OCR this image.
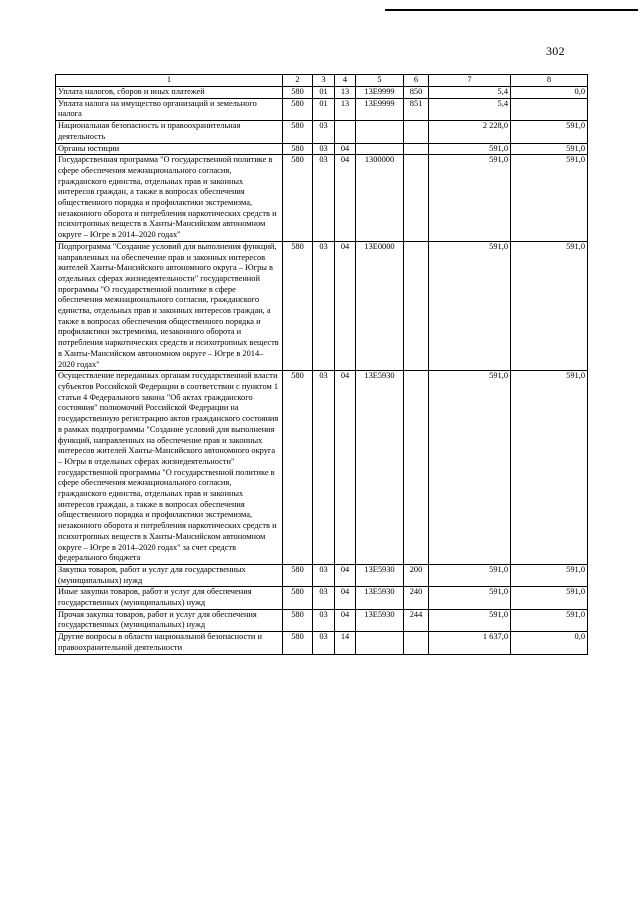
302
1	2	3	4	5	6	7	8
Уплата налогов, сборов и иных платежей	580	01	13	13E9999	850	5,4	0,0
Уплата налога на имущество организаций и земельного налога	580	01	13	13E9999	851	5,4	
Национальная безопасность и правоохранительная деятельность	580	03				2 228,0	591,0
Органы юстиции	580	03	04			591,0	591,0
Государственная программа "О государственной политике в сфере обеспечения межнационального согласия, гражданского единства, отдельных прав и законных интересов граждан, а также в вопросах обеспечения общественного порядка и профилактики экстремизма, незаконного оборота и потребления наркотических средств и психотропных веществ в Ханты-Мансийском автономном округе – Югре в 2014–2020 годах"	580	03	04	1300000		591,0	591,0
Подпрограмма "Создание условий для выполнения функций, направленных на обеспечение прав и законных интересов жителей Ханты-Мансийского автономного округа – Югры в отдельных сферах жизнедеятельности" государственной программы "О государственной политике в сфере обеспечения межнационального согласия, гражданского единства, отдельных прав и законных интересов граждан, а также в вопросах обеспечения общественного порядка и профилактики экстремизма, незаконного оборота и потребления наркотических средств и психотропных веществ в Ханты-Мансийском автономном округе – Югре в 2014–2020 годах"	580	03	04	13E0000		591,0	591,0
Осуществление переданных органам государственной власти субъектов Российской Федерации в соответствии с пунктом 1 статьи 4 Федерального закона "Об актах гражданского состояния" полномочий Российской Федерации на государственную регистрацию актов гражданского состояния в рамках подпрограммы "Создание условий для выполнения функций, направленных на обеспечение прав и законных интересов жителей Ханты-Мансийского автономного округа – Югры в отдельных сферах жизнедеятельности" государственной программы "О государственной политике в сфере обеспечения межнационального согласия, гражданского единства, отдельных прав и законных интересов граждан, а также в вопросах обеспечения общественного порядка и профилактики экстремизма, незаконного оборота и потребления наркотических средств и психотропных веществ в Ханты-Мансийском автономном округе – Югре в 2014–2020 годах" за счет средств федерального бюджета	580	03	04	13E5930		591,0	591,0
Закупка товаров, работ и услуг для государственных (муниципальных) нужд	580	03	04	13E5930	200	591,0	591,0
Иные закупки товаров, работ и услуг для обеспечения государственных (муниципальных) нужд	580	03	04	13E5930	240	591,0	591,0
Прочая закупка товаров, работ и услуг для обеспечения государственных (муниципальных) нужд	580	03	04	13E5930	244	591,0	591,0
Другие вопросы в области национальной безопасности и правоохранительной деятельности	580	03	14			1 637,0	0,0
